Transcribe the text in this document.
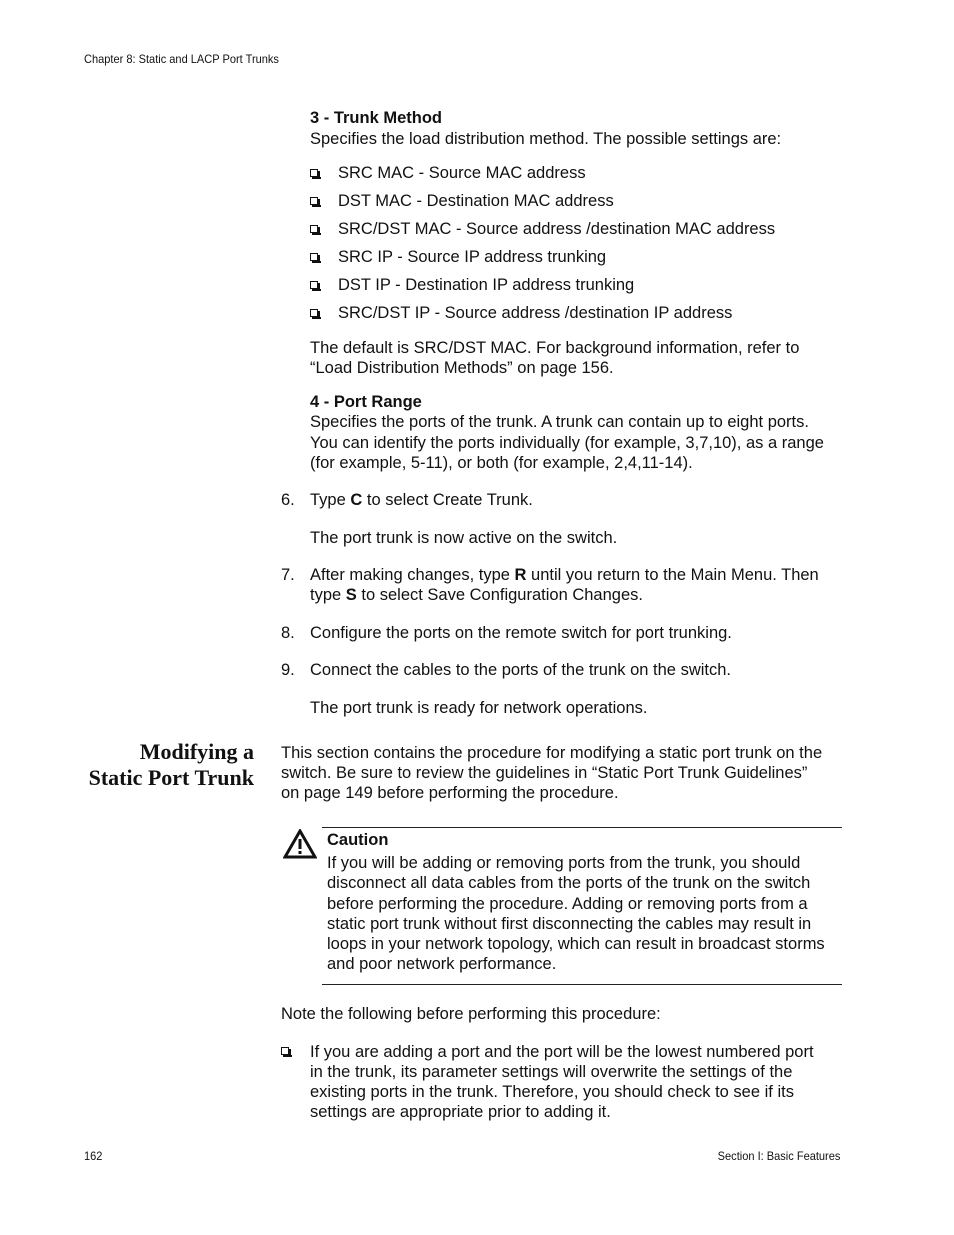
Chapter 8: Static and LACP Port Trunks
3 - Trunk Method
Specifies the load distribution method. The possible settings are:
SRC MAC - Source MAC address
DST MAC - Destination MAC address
SRC/DST MAC - Source address /destination MAC address
SRC IP - Source IP address trunking
DST IP - Destination IP address trunking
SRC/DST IP - Source address /destination IP address
The default is SRC/DST MAC. For background information, refer to
“Load Distribution Methods” on page 156.
4 - Port Range
Specifies the ports of the trunk. A trunk can contain up to eight ports.
You can identify the ports individually (for example, 3,7,10), as a range
(for example, 5-11), or both (for example, 2,4,11-14).
6. Type C to select Create Trunk.
The port trunk is now active on the switch.
7. After making changes, type R until you return to the Main Menu. Then
type S to select Save Configuration Changes.
8. Configure the ports on the remote switch for port trunking.
9. Connect the cables to the ports of the trunk on the switch.
The port trunk is ready for network operations.
Modifying a
Static Port Trunk
This section contains the procedure for modifying a static port trunk on the
switch. Be sure to review the guidelines in “Static Port Trunk Guidelines”
on page 149 before performing the procedure.
Caution
If you will be adding or removing ports from the trunk, you should
disconnect all data cables from the ports of the trunk on the switch
before performing the procedure. Adding or removing ports from a
static port trunk without first disconnecting the cables may result in
loops in your network topology, which can result in broadcast storms
and poor network performance.
Note the following before performing this procedure:
If you are adding a port and the port will be the lowest numbered port
in the trunk, its parameter settings will overwrite the settings of the
existing ports in the trunk. Therefore, you should check to see if its
settings are appropriate prior to adding it.
162	Section I: Basic Features
